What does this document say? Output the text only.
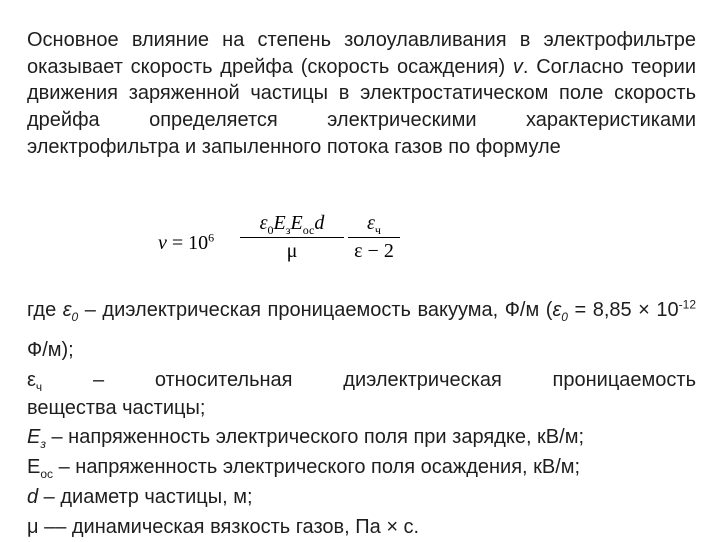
Основное влияние на степень золоулавливания в электрофильтре оказывает скорость дрейфа (скорость осаждения) v. Согласно теории движения заряженной частицы в электростатическом поле скорость дрейфа определяется электрическими характеристиками электрофильтра и запыленного потока газов по формуле

$\nu = 10^6$
$\varepsilon_0E_зE_{ос}d$
μ
$\varepsilon_ч$
ε − 2

где $\varepsilon_0$ – диэлектрическая проницаемость вакуума, Ф/м ($\varepsilon_0 = 8,85 \times 10^{-12}$ Ф/м);

$\varepsilon_ч$ – относительная диэлектрическая проницаемость

вещества частицы;

$E_з$ – напряженность электрического поля при зарядке, кВ/м;

$E_{ос}$ – напряженность электрического поля осаждения, кВ/м;

d – диаметр частицы, м;

μ –– динамическая вязкость газов, Па × с.
